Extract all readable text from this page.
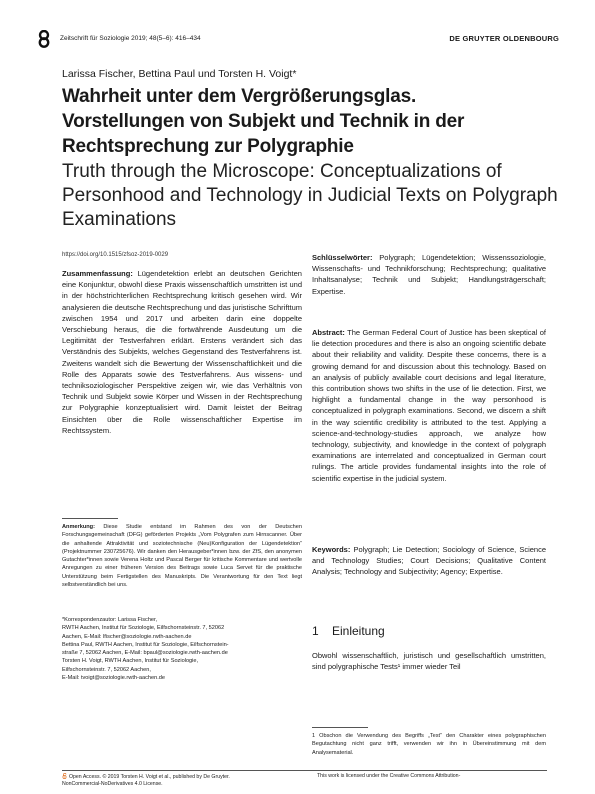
Zeitschrift für Soziologie 2019; 48(5–6): 416–434	DE GRUYTER OLDENBOURG
Larissa Fischer, Bettina Paul und Torsten H. Voigt*
Wahrheit unter dem Vergrößerungsglas. Vorstellungen von Subjekt und Technik in der Rechtsprechung zur Polygraphie
Truth through the Microscope: Conceptualizations of Personhood and Technology in Judicial Texts on Polygraph Examinations
https://doi.org/10.1515/zfsoz-2019-0029
Zusammenfassung: Lügendetektion erlebt an deutschen Gerichten eine Konjunktur, obwohl diese Praxis wissenschaftlich umstritten ist und in der höchstrichterlichen Rechtsprechung kritisch gesehen wird. Wir analysieren die deutsche Rechtsprechung und das juristische Schrifttum zwischen 1954 und 2017 und arbeiten darin eine doppelte Verschiebung heraus, die die fortwährende Ausdeutung um die Legitimität der Testverfahren erklärt. Erstens verändert sich das Verständnis des Subjekts, welches Gegenstand des Testverfahrens ist. Zweitens wandelt sich die Bewertung der Wissenschaftlichkeit und die Rolle des Apparats sowie des Testverfahrens. Aus wissens- und techniksoziologischer Perspektive zeigen wir, wie das Verhältnis von Technik und Subjekt sowie Körper und Wissen in der Rechtsprechung zur Polygraphie konzeptualisiert wird. Damit leistet der Beitrag Einsichten über die Rolle wissenschaftlicher Expertise im Rechtssystem.
Schlüsselwörter: Polygraph; Lügendetektion; Wissenssoziologie, Wissenschafts- und Technikforschung; Rechtsprechung; qualitative Inhaltsanalyse; Technik und Subjekt; Handlungsträgerschaft; Expertise.
Abstract: The German Federal Court of Justice has been skeptical of lie detection procedures and there is also an ongoing scientific debate about their reliability and validity. Despite these concerns, there is a growing demand for and discussion about this technology. Based on an analysis of publicly available court decisions and legal literature, this contribution shows two shifts in the use of lie detection. First, we highlight a fundamental change in the way personhood is conceptualized in polygraph examinations. Second, we discern a shift in the way scientific credibility is attributed to the test. Applying a science-and-technology-studies approach, we analyze how technology, subjectivity, and knowledge in the context of polygraph examinations are interrelated and conceptualized in German court rulings. The article provides fundamental insights into the role of scientific expertise in the judicial system.
Keywords: Polygraph; Lie Detection; Sociology of Science, Science and Technology Studies; Court Decisions; Qualitative Content Analysis; Technology and Subjectivity; Agency; Expertise.
Anmerkung: Diese Studie entstand im Rahmen des von der Deutschen Forschungsgemeinschaft (DFG) geförderten Projekts „Vom Polygrafen zum Hirnscanner. Über die anhaltende Attraktivität und soziotechnische (Neu)Konfiguration der Lügendetektion“ (Projektnummer 230725676). Wir danken den Herausgeber*innen bzw. der ZfS, den anonymen Gutachter*innen sowie Verena Holtz und Pascal Berger für kritische Kommentare und wertvolle Anregungen zu einer früheren Version des Beitrags sowie Luca Servet für die praktische Unterstützung beim Fertigstellen des Manuskripts. Die Verantwortung für den Text liegt selbstverständlich bei uns.
*Korrespondenzautor: Larissa Fischer,
RWTH Aachen, Institut für Soziologie, Eilfschornsteinstr. 7, 52062
Aachen, E-Mail: lfischer@soziologie.rwth-aachen.de
Bettina Paul, RWTH Aachen, Institut für Soziologie, Eilfschornstein-
straße 7, 52062 Aachen, E-Mail: bpaul@soziologie.rwth-aachen.de
Torsten H. Voigt, RWTH Aachen, Institut für Soziologie,
Eilfschornsteinstr. 7, 52062 Aachen,
E-Mail: tvoigt@soziologie.rwth-aachen.de
1 Einleitung
Obwohl wissenschaftlich, juristisch und gesellschaftlich umstritten, sind polygraphische Tests¹ immer wieder Teil
1 Obschon die Verwendung des Begriffs „Test“ den Charakter eines polygraphischen Begutachtung nicht ganz trifft, verwenden wir ihn in Übereinstimmung mit dem Analysematerial.
Open Access. © 2019 Torsten H. Voigt et al., published by De Gruyter.	This work is licensed under the Creative Commons Attribution-
NonCommercial-NoDerivatives 4.0 License.
